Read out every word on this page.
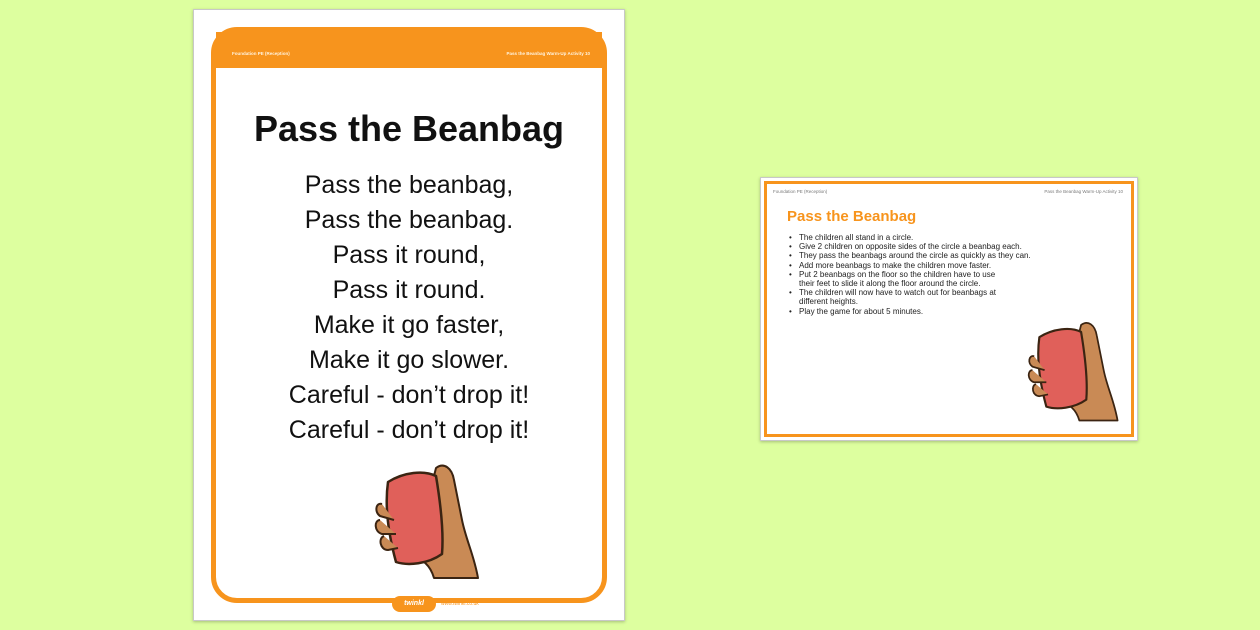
Foundation PE (Reception)	Pass the Beanbag Warm-Up Activity 10
Pass the Beanbag
Pass the beanbag,
Pass the beanbag.
Pass it round,
Pass it round.
Make it go faster,
Make it go slower.
Careful - don’t drop it!
Careful - don’t drop it!
twinkl	www.twinkl.co.uk
Foundation PE (Reception)	Pass the Beanbag Warm-Up Activity 10
Pass the Beanbag
• The children all stand in a circle.
• Give 2 children on opposite sides of the circle a beanbag each.
• They pass the beanbags around the circle as quickly as they can.
• Add more beanbags to make the children move faster.
• Put 2 beanbags on the floor so the children have to use their feet to slide it along the floor around the circle.
• The children will now have to watch out for beanbags at different heights.
• Play the game for about 5 minutes.
